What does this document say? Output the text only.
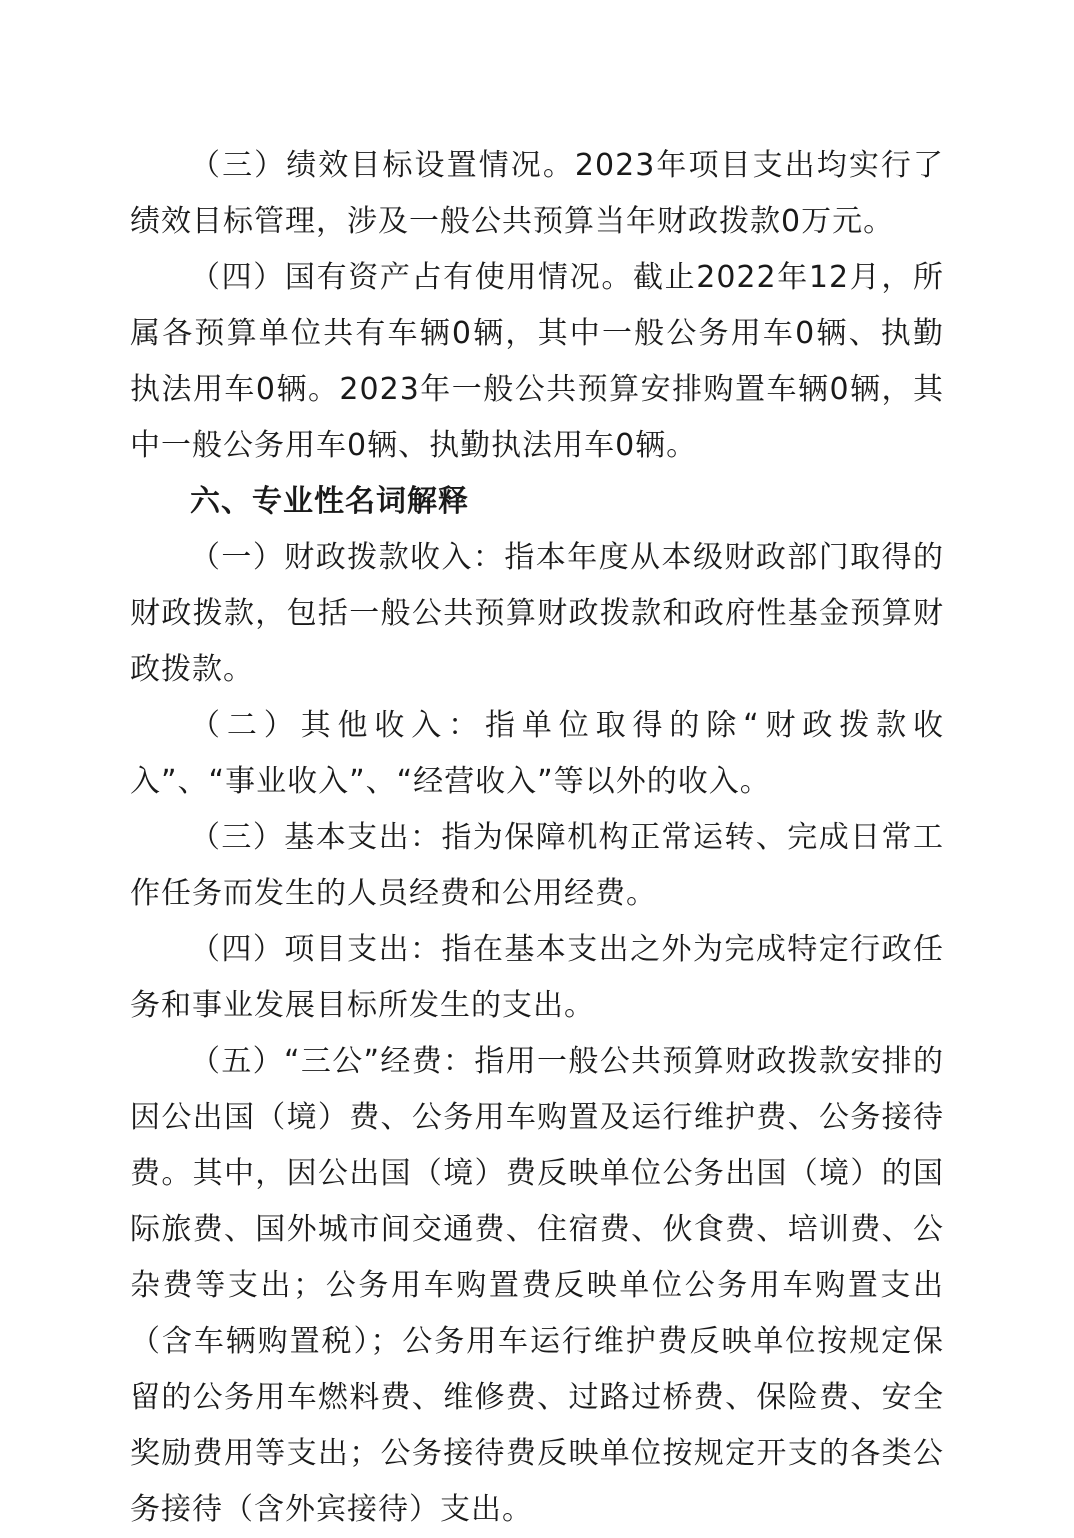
（三）绩效目标设置情况。2023年项目支出均实行了绩效目标管理，涉及一般公共预算当年财政拨款0万元。

（四）国有资产占有使用情况。截止2022年12月，所属各预算单位共有车辆0辆，其中一般公务用车0辆、执勤执法用车0辆。2023年一般公共预算安排购置车辆0辆，其中一般公务用车0辆、执勤执法用车0辆。

六、专业性名词解释

（一）财政拨款收入：指本年度从本级财政部门取得的财政拨款，包括一般公共预算财政拨款和政府性基金预算财政拨款。

（二）其他收入：指单位取得的除“财政拨款收入”、“事业收入”、“经营收入”等以外的收入。

（三）基本支出：指为保障机构正常运转、完成日常工作任务而发生的人员经费和公用经费。

（四）项目支出：指在基本支出之外为完成特定行政任务和事业发展目标所发生的支出。

（五）“三公”经费：指用一般公共预算财政拨款安排的因公出国（境）费、公务用车购置及运行维护费、公务接待费。其中，因公出国（境）费反映单位公务出国（境）的国际旅费、国外城市间交通费、住宿费、伙食费、培训费、公杂费等支出；公务用车购置费反映单位公务用车购置支出（含车辆购置税）；公务用车运行维护费反映单位按规定保留的公务用车燃料费、维修费、过路过桥费、保险费、安全奖励费用等支出；公务接待费反映单位按规定开支的各类公务接待（含外宾接待）支出。
